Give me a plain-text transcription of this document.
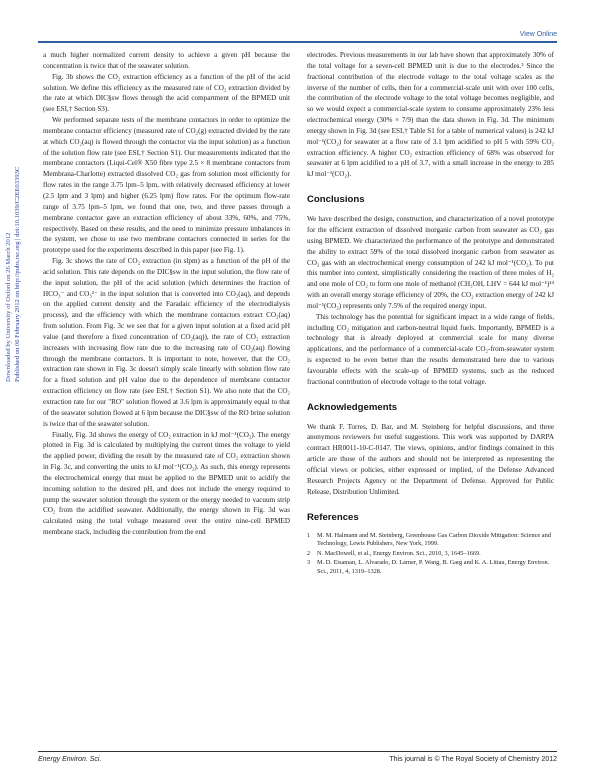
View Online
Downloaded by University of Oxford on 26 March 2012 Published on 06 February 2012 on http://pubs.rsc.org | doi:10.1039/C2EE03393C

a much higher normalized current density to achieve a given pH because the concentration is twice that of the seawater solution.

Fig. 3b shows the CO₂ extraction efficiency as a function of the pH of the acid solution. We define this efficiency as the measured rate of CO₂ extraction divided by the rate at which DIC§sw flows through the acid compartment of the BPMED unit (see ESI,† Section S3).

We performed separate tests of the membrane contactors in order to optimize the membrane contactor efficiency (measured rate of CO₂(g) extracted divided by the rate at which CO₂(aq) is flowed through the contactor via the input solution) as a function of the solution flow rate (see ESI,† Section S1). Our measurements indicated that the membrane contactors (Liqui-Cel® X50 fibre type 2.5 × 8 membrane contactors from Membrana-Charlotte) extracted dissolved CO₂ gas from solution most efficiently for flow rates in the range 3.75 lpm–5 lpm, with relatively decreased efficiency at lower (2.5 lpm and 3 lpm) and higher (6.25 lpm) flow rates. For the optimum flow-rate range of 3.75 lpm–5 lpm, we found that one, two, and three passes through a membrane contactor gave an extraction efficiency of about 33%, 60%, and 75%, respectively. Based on these results, and the need to minimize pressure imbalances in the system, we chose to use two membrane contactors connected in series for the prototype used for the experiments described in this paper (see Fig. 1).

Fig. 3c shows the rate of CO₂ extraction (in slpm) as a function of the pH of the acid solution. This rate depends on the DIC§sw in the input solution, the flow rate of the input solution, the pH of the acid solution (which determines the fraction of HCO₃⁻ and CO₃²⁻ in the input solution that is converted into CO₂(aq), and depends on the applied current density and the Faradaic efficiency of the electrodialysis process), and the efficiency with which the membrane contactors extract CO₂(aq) from solution. From Fig. 3c we see that for a given input solution at a fixed acid pH value (and therefore a fixed concentration of CO₂(aq)), the rate of CO₂ extraction increases with increasing flow rate due to the increasing rate of CO₂(aq) flowing through the membrane contactors. It is important to note, however, that the CO₂ extraction rate shown in Fig. 3c doesn't simply scale linearly with solution flow rate for a fixed solution and pH value due to the dependence of membrane contactor extraction efficiency on flow rate (see ESI,† Section S1). We also note that the CO₂ extraction rate for our "RO" solution flowed at 3.6 lpm is approximately equal to that of the seawater solution flowed at 6 lpm because the DIC§sw of the RO brine solution is twice that of the seawater solution.

Finally, Fig. 3d shows the energy of CO₂ extraction in kJ mol⁻¹(CO₂). The energy plotted in Fig. 3d is calculated by multiplying the current times the voltage to yield the applied power, dividing the result by the measured rate of CO₂ extraction shown in Fig. 3c, and converting the units to kJ mol⁻¹(CO₂). As such, this energy represents the electrochemical energy that must be applied to the BPMED unit to acidify the incoming solution to the desired pH, and does not include the energy required to pump the seawater solution through the system or the energy needed to vacuum strip CO₂ from the acidified seawater. Additionally, the energy shown in Fig. 3d was calculated using the total voltage measured over the entire nine-cell BPMED membrane stack, including the contribution from the end

electrodes. Previous measurements in our lab have shown that approximately 30% of the total voltage for a seven-cell BPMED unit is due to the electrodes.³ Since the fractional contribution of the electrode voltage to the total voltage scales as the inverse of the number of cells, then for a commercial-scale unit with over 100 cells, the contribution of the electrode voltage to the total voltage becomes negligible, and so we would expect a commercial-scale system to consume approximately 23% less electrochemical energy (30% × 7/9) than the data shown in Fig. 3d. The minimum energy shown in Fig. 3d (see ESI,† Table S1 for a table of numerical values) is 242 kJ mol⁻¹(CO₂) for seawater at a flow rate of 3.1 lpm acidified to pH 5 with 59% CO₂ extraction efficiency. A higher CO₂ extraction efficiency of 68% was observed for seawater at 6 lpm acidified to a pH of 3.7, with a small increase in the energy to 285 kJ mol⁻¹(CO₂).

Conclusions

We have described the design, construction, and characterization of a novel prototype for the efficient extraction of dissolved inorganic carbon from seawater as CO₂ gas using BPMED. We characterized the performance of the prototype and demonstrated the ability to extract 59% of the total dissolved inorganic carbon from seawater as CO₂ gas with an electrochemical energy consumption of 242 kJ mol⁻¹(CO₂). To put this number into context, simplistically considering the reaction of three moles of H₂ and one mole of CO₂ to form one mole of methanol (CH₃OH, LHV = 644 kJ mol⁻¹)¹⁴ with an overall energy storage efficiency of 20%, the CO₂ extraction energy of 242 kJ mol⁻¹(CO₂) represents only 7.5% of the required energy input.

This technology has the potential for significant impact in a wide range of fields, including CO₂ mitigation and carbon-neutral liquid fuels. Importantly, BPMED is a technology that is already deployed at commercial scale for many diverse applications, and the performance of a commercial-scale CO₂-from-seawater system is expected to be even better than the results demonstrated here due to various favourable effects with the scale-up of BPMED systems, such as the reduced fractional contribution of electrode voltage to the total voltage.

Acknowledgements

We thank F. Torres, D. Bar, and M. Steinberg for helpful discussions, and three anonymous reviewers for useful suggestions. This work was supported by DARPA contract HR0011-10-C-0147. The views, opinions, and/or findings contained in this article are those of the authors and should not be interpreted as representing the official views or policies, either expressed or implied, of the Defense Advanced Research Projects Agency or the Department of Defense. Approved for Public Release, Distribution Unlimited.

References
1	M. M. Halmann and M. Steinberg, Greenhouse Gas Carbon Dioxide Mitigation: Science and Technology, Lewis Publishers, New York, 1999.
2	N. MacDowell, et al., Energy Environ. Sci., 2010, 3, 1645–1669.
3	M. D. Eisaman, L. Alvarado, D. Larner, P. Wang, B. Garg and K. A. Littau, Energy Environ. Sci., 2011, 4, 1319–1328.
Energy Environ. Sci.	This journal is © The Royal Society of Chemistry 2012
